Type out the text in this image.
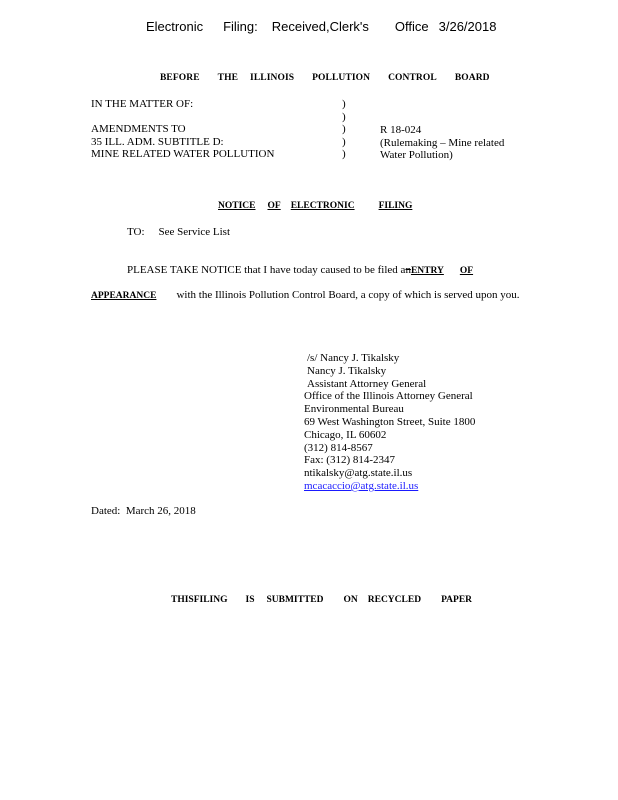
Electronic Filing: Received,Clerk's Office 3/26/2018
BEFORE THE ILLINOIS POLLUTION CONTROL BOARD
IN THE MATTER OF:

AMENDMENTS TO
35 ILL. ADM. SUBTITLE D:
MINE RELATED WATER POLLUTION
)
)
)
)
)
R 18-024
(Rulemaking – Mine related
Water Pollution)
NOTICE OF ELECTRONIC	FILING
TO: See Service List
PLEASE TAKE NOTICE that I have today caused to be filed anENTRY OF
APPEARANCE with the Illinois Pollution Control Board, a copy of which is served upon you.
/s/ Nancy J. Tikalsky
Nancy J. Tikalsky
Assistant Attorney General
Office of the Illinois Attorney General
Environmental Bureau
69 West Washington Street, Suite 1800
Chicago, IL 60602
(312) 814-8567
Fax: (312) 814-2347
ntikalsky@atg.state.il.us
mcacaccio@atg.state.il.us
Dated: March 26, 2018
THISFILING IS SUBMITTED ON RECYCLED PAPER
